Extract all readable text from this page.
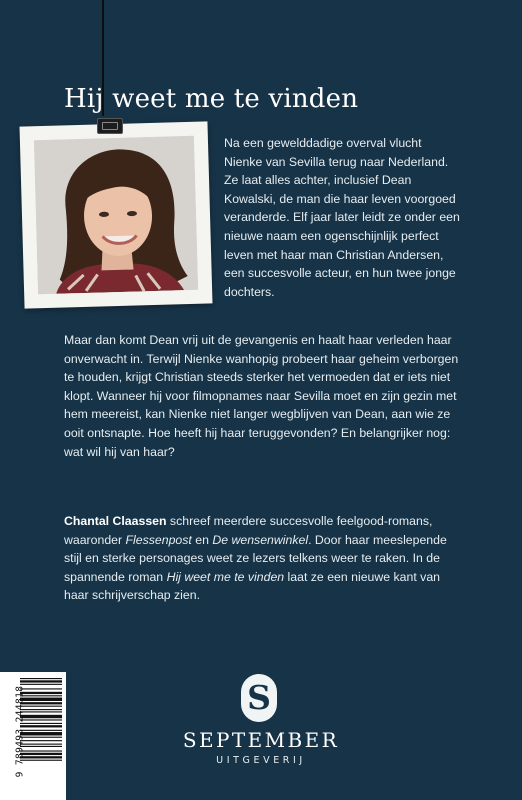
Hij weet me te vinden

Na een gewelddadige overval vlucht Nienke van Sevilla terug naar Nederland. Ze laat alles achter, inclusief Dean Kowalski, de man die haar leven voorgoed veranderde. Elf jaar later leidt ze onder een nieuwe naam een ogenschijnlijk perfect leven met haar man Christian Andersen, een succesvolle acteur, en hun twee jonge dochters.

Maar dan komt Dean vrij uit de gevangenis en haalt haar verleden haar onverwacht in. Terwijl Nienke wanhopig probeert haar geheim verborgen te houden, krijgt Christian steeds sterker het vermoeden dat er iets niet klopt. Wanneer hij voor filmopnames naar Sevilla moet en zijn gezin met hem meereist, kan Nienke niet langer wegblijven van Dean, aan wie ze ooit ontsnapte. Hoe heeft hij haar teruggevonden? En belangrijker nog: wat wil hij van haar?

Chantal Claassen schreef meerdere succesvolle feelgood-romans, waaronder Flessenpost en De wensenwinkel. Door haar meeslepende stijl en sterke personages weet ze lezers telkens weer te raken. In de spannende roman Hij weet me te vinden laat ze een nieuwe kant van haar schrijverschap zien.

9 789493 244818	S
SEPTEMBER
UITGEVERIJ
